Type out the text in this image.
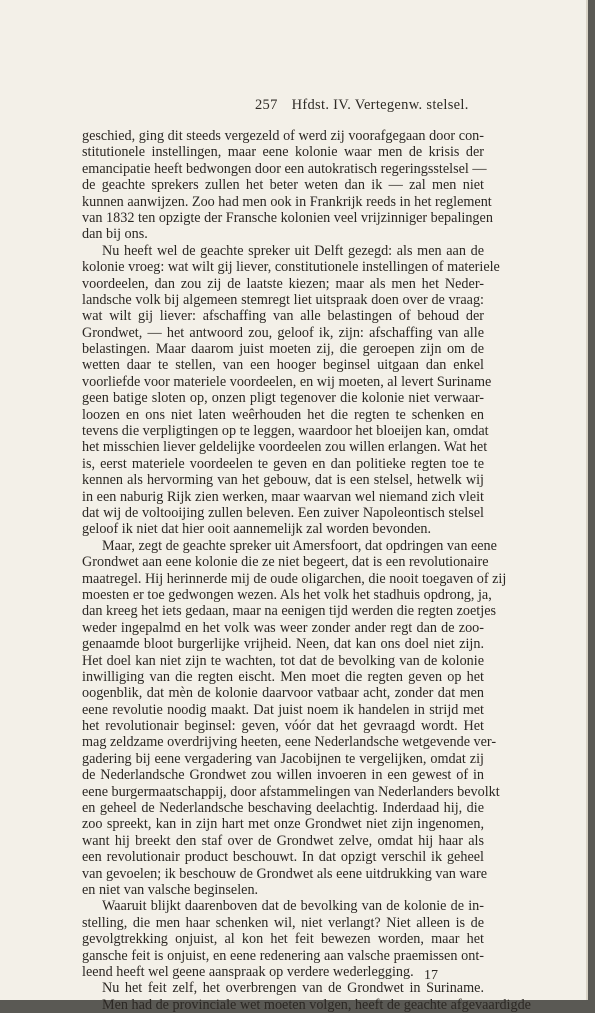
257 Hfdst. IV. Vertegenw. stelsel.
geschied, ging dit steeds vergezeld of werd zij voorafgegaan door con-
stitutionele instellingen, maar eene kolonie waar men de krisis der
emancipatie heeft bedwongen door een autokratisch regeringsstelsel —
de geachte sprekers zullen het beter weten dan ik — zal men niet
kunnen aanwijzen. Zoo had men ook in Frankrijk reeds in het reglement
van 1832 ten opzigte der Fransche kolonien veel vrijzinniger bepalingen
dan bij ons.
Nu heeft wel de geachte spreker uit Delft gezegd: als men aan de
kolonie vroeg: wat wilt gij liever, constitutionele instellingen of materiele
voordeelen, dan zou zij de laatste kiezen; maar als men het Neder-
landsche volk bij algemeen stemregt liet uitspraak doen over de vraag:
wat wilt gij liever: afschaffing van alle belastingen of behoud der
Grondwet, — het antwoord zou, geloof ik, zijn: afschaffing van alle
belastingen. Maar daarom juist moeten zij, die geroepen zijn om de
wetten daar te stellen, van een hooger beginsel uitgaan dan enkel
voorliefde voor materiele voordeelen, en wij moeten, al levert Suriname
geen batige sloten op, onzen pligt tegenover die kolonie niet verwaar-
loozen en ons niet laten weêrhouden het die regten te schenken en
tevens die verpligtingen op te leggen, waardoor het bloeijen kan, omdat
het misschien liever geldelijke voordeelen zou willen erlangen. Wat het
is, eerst materiele voordeelen te geven en dan politieke regten toe te
kennen als hervorming van het gebouw, dat is een stelsel, hetwelk wij
in een naburig Rijk zien werken, maar waarvan wel niemand zich vleit
dat wij de voltooijing zullen beleven. Een zuiver Napoleontisch stelsel
geloof ik niet dat hier ooit aannemelijk zal worden bevonden.
Maar, zegt de geachte spreker uit Amersfoort, dat opdringen van eene
Grondwet aan eene kolonie die ze niet begeert, dat is een revolutionaire
maatregel. Hij herinnerde mij de oude oligarchen, die nooit toegaven of zij
moesten er toe gedwongen wezen. Als het volk het stadhuis opdrong, ja,
dan kreeg het iets gedaan, maar na eenigen tijd werden die regten zoetjes
weder ingepalmd en het volk was weer zonder ander regt dan de zoo-
genaamde bloot burgerlijke vrijheid. Neen, dat kan ons doel niet zijn.
Het doel kan niet zijn te wachten, tot dat de bevolking van de kolonie
inwilliging van die regten eischt. Men moet die regten geven op het
oogenblik, dat mèn de kolonie daarvoor vatbaar acht, zonder dat men
eene revolutie noodig maakt. Dat juist noem ik handelen in strijd met
het revolutionair beginsel: geven, vóór dat het gevraagd wordt. Het
mag zeldzame overdrijving heeten, eene Nederlandsche wetgevende ver-
gadering bij eene vergadering van Jacobijnen te vergelijken, omdat zij
de Nederlandsche Grondwet zou willen invoeren in een gewest of in
eene burgermaatschappij, door afstammelingen van Nederlanders bevolkt
en geheel de Nederlandsche beschaving deelachtig. Inderdaad hij, die
zoo spreekt, kan in zijn hart met onze Grondwet niet zijn ingenomen,
want hij breekt den staf over de Grondwet zelve, omdat hij haar als
een revolutionair product beschouwt. In dat opzigt verschil ik geheel
van gevoelen; ik beschouw de Grondwet als eene uitdrukking van ware
en niet van valsche beginselen.
Waaruit blijkt daarenboven dat de bevolking van de kolonie de in-
stelling, die men haar schenken wil, niet verlangt? Niet alleen is de
gevolgtrekking onjuist, al kon het feit bewezen worden, maar het
gansche feit is onjuist, en eene redenering aan valsche praemissen ont-
leend heeft wel geene aanspraak op verdere wederlegging.
Nu het feit zelf, het overbrengen van de Grondwet in Suriname.
Men had de provinciale wet moeten volgen, heeft de geachte afgevaardigde
17
